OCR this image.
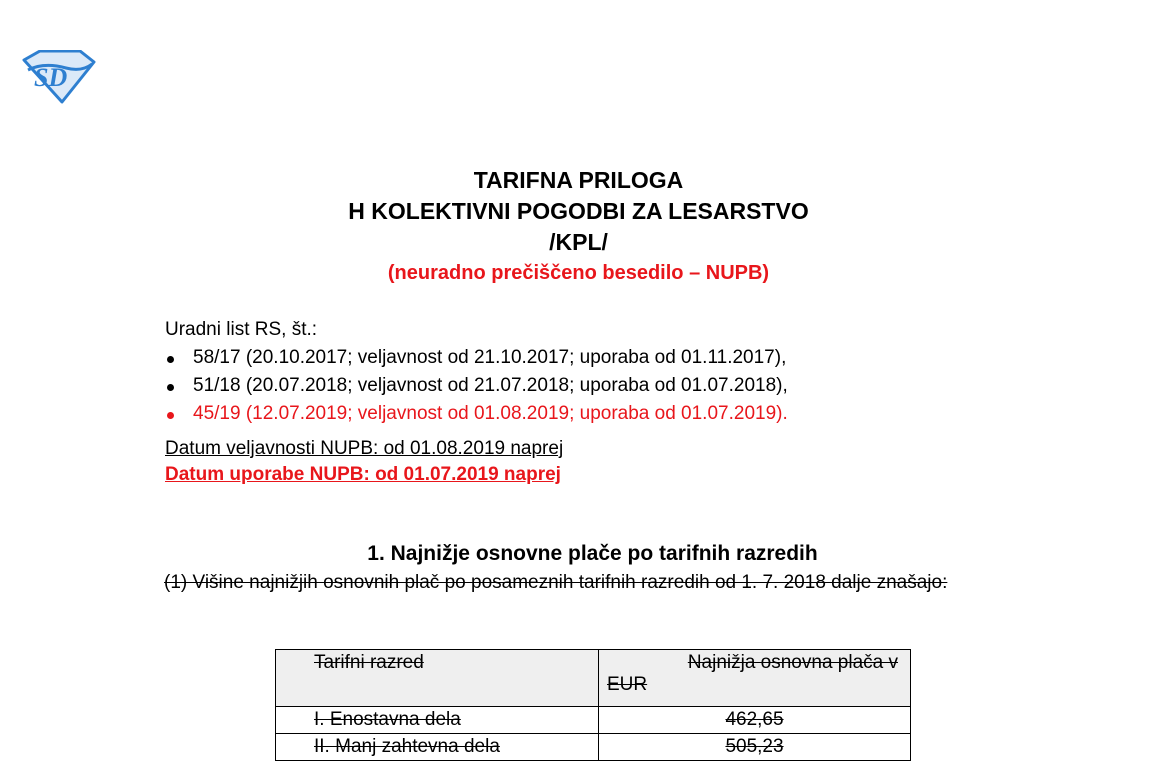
SD
TARIFNA PRILOGA
H KOLEKTIVNI POGODBI ZA LESARSTVO
/KPL/
(neuradno prečiščeno besedilo – NUPB)
Uradni list RS, št.:
58/17 (20.10.2017; veljavnost od 21.10.2017; uporaba od 01.11.2017),
51/18 (20.07.2018; veljavnost od 21.07.2018; uporaba od 01.07.2018),
45/19 (12.07.2019; veljavnost od 01.08.2019; uporaba od 01.07.2019).
Datum veljavnosti NUPB: od 01.08.2019 naprej
Datum uporabe NUPB: od 01.07.2019 naprej
1. Najnižje osnovne plače po tarifnih razredih
(1) Višine najnižjih osnovnih plač po posameznih tarifnih razredih od 1. 7. 2018 dalje znašajo:
Tarifni razred	Najnižja osnovna plača v
EUR
I. Enostavna dela	462,65
II. Manj zahtevna dela	505,23
